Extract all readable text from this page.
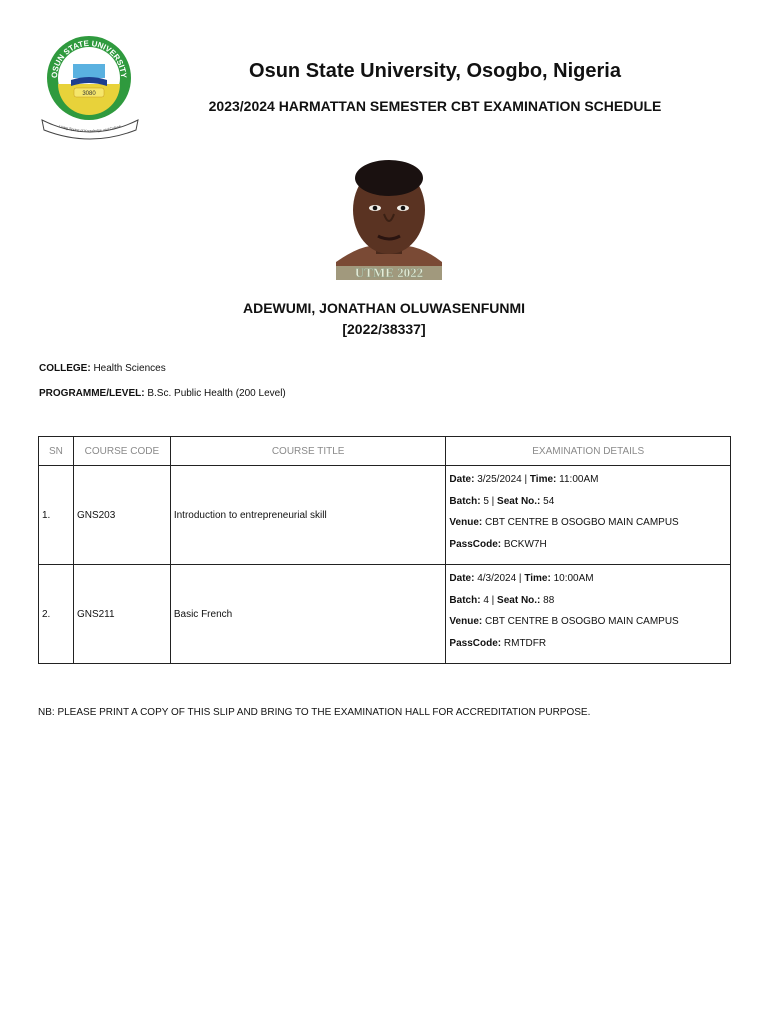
OSUN STATE UNIVERSITY
3080
Living Spring of Knowledge and Culture
Osun State University, Osogbo, Nigeria
2023/2024 HARMATTAN SEMESTER CBT EXAMINATION SCHEDULE
UTME 2022
ADEWUMI, JONATHAN OLUWASENFUNMI
[2022/38337]
COLLEGE: Health Sciences
PROGRAMME/LEVEL: B.Sc. Public Health (200 Level)
SN	COURSE CODE	COURSE TITLE	EXAMINATION DETAILS
1.	GNS203	Introduction to entrepreneurial skill	Date: 3/25/2024 | Time: 11:00AM
Batch: 5 | Seat No.: 54
Venue: CBT CENTRE B OSOGBO MAIN CAMPUS
PassCode: BCKW7H

2.	GNS211	Basic French	Date: 4/3/2024 | Time: 10:00AM
Batch: 4 | Seat No.: 88
Venue: CBT CENTRE B OSOGBO MAIN CAMPUS
PassCode: RMTDFR
NB: PLEASE PRINT A COPY OF THIS SLIP AND BRING TO THE EXAMINATION HALL FOR ACCREDITATION PURPOSE.
